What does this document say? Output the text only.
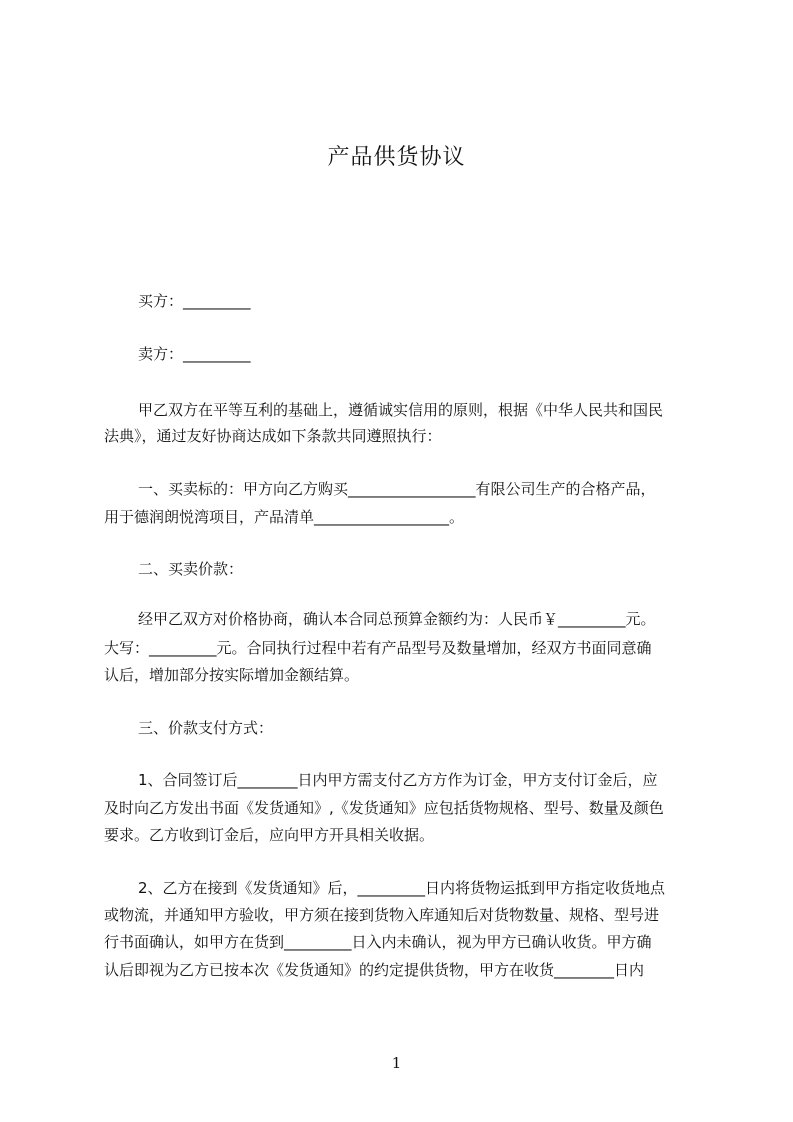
产品供货协议
买方：_________
卖方：_________
甲乙双方在平等互利的基础上，遵循诚实信用的原则，根据《中华人民共和国民
法典》，通过友好协商达成如下条款共同遵照执行：
一、买卖标的：甲方向乙方购买_________________有限公司生产的合格产品，
用于德润朗悦湾项目，产品清单__________________。
二、买卖价款：
经甲乙双方对价格协商，确认本合同总预算金额约为：人民币￥_________元。
大写：_________元。合同执行过程中若有产品型号及数量增加，经双方书面同意确
认后，增加部分按实际增加金额结算。
三、价款支付方式：
1、合同签订后________日内甲方需支付乙方方作为订金，甲方支付订金后，应
及时向乙方发出书面《发货通知》,《发货通知》应包括货物规格、型号、数量及颜色
要求。乙方收到订金后，应向甲方开具相关收据。
2、乙方在接到《发货通知》后，_________日内将货物运抵到甲方指定收货地点
或物流，并通知甲方验收，甲方须在接到货物入库通知后对货物数量、规格、型号进
行书面确认，如甲方在货到_________日入内未确认，视为甲方已确认收货。甲方确
认后即视为乙方已按本次《发货通知》的约定提供货物，甲方在收货________日内
1
